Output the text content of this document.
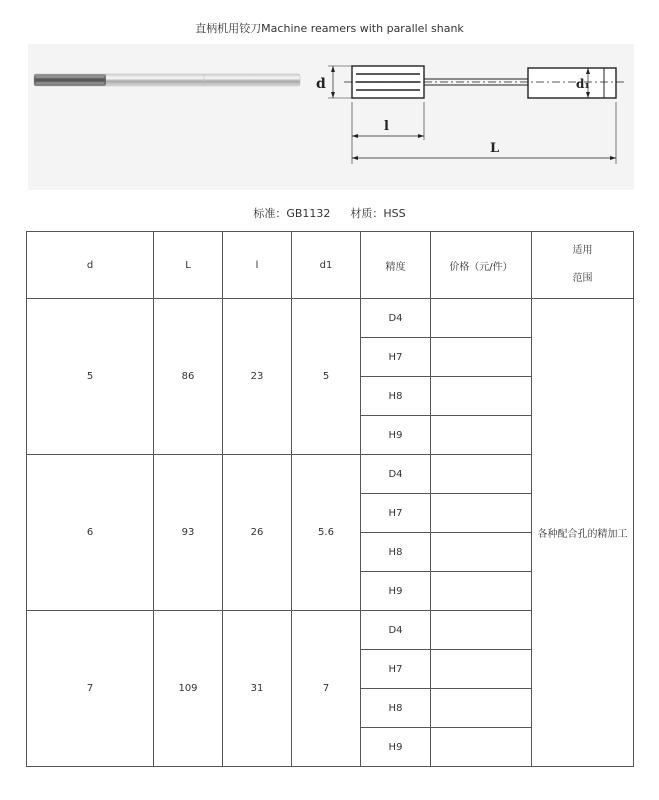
直柄机用铰刀Machine reamers with parallel shank
d	d₁
l
L
标准：GB1132 材质：HSS
d	L	l	d1	精度	价格（元/件）	适用
范围

5	86	23	5	D4		各种配合孔的精加工
				H7		
				H8		
				H9		
6	93	26	5.6	D4		
				H7		
				H8		
				H9		
7	109	31	7	D4		
				H7		
				H8		
				H9		
